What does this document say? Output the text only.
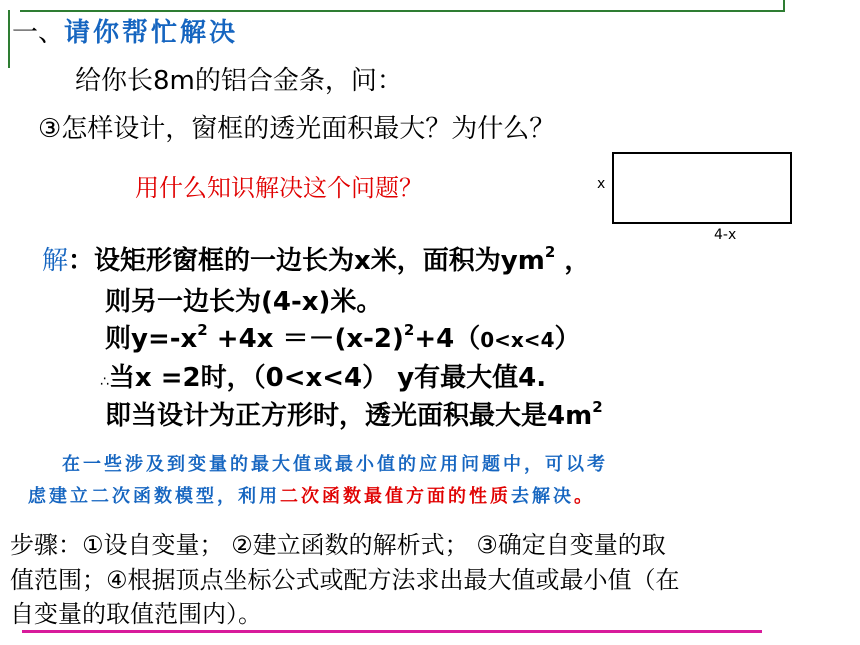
一、请你帮忙解决
给你长8m的铝合金条，问：
③怎样设计，窗框的透光面积最大？为什么？
用什么知识解决这个问题？	x
4-x
解：设矩形窗框的一边长为x米，面积为$ym^2$ ，
则另一边长为(4-x)米。
则$y=-x^2 +4x =-(x-2)^2+4(0<x<4)$
∴当x =2时，（0<x<4） y有最大值4.
即当设计为正方形时，透光面积最大是$4m^2$
在一些涉及到变量的最大值或最小值的应用问题中，可以考
虑建立二次函数模型，利用二次函数最值方面的性质去解决。
步骤：①设自变量； ②建立函数的解析式； ③确定自变量的取
值范围；④根据顶点坐标公式或配方法求出最大值或最小值（在
自变量的取值范围内）。
